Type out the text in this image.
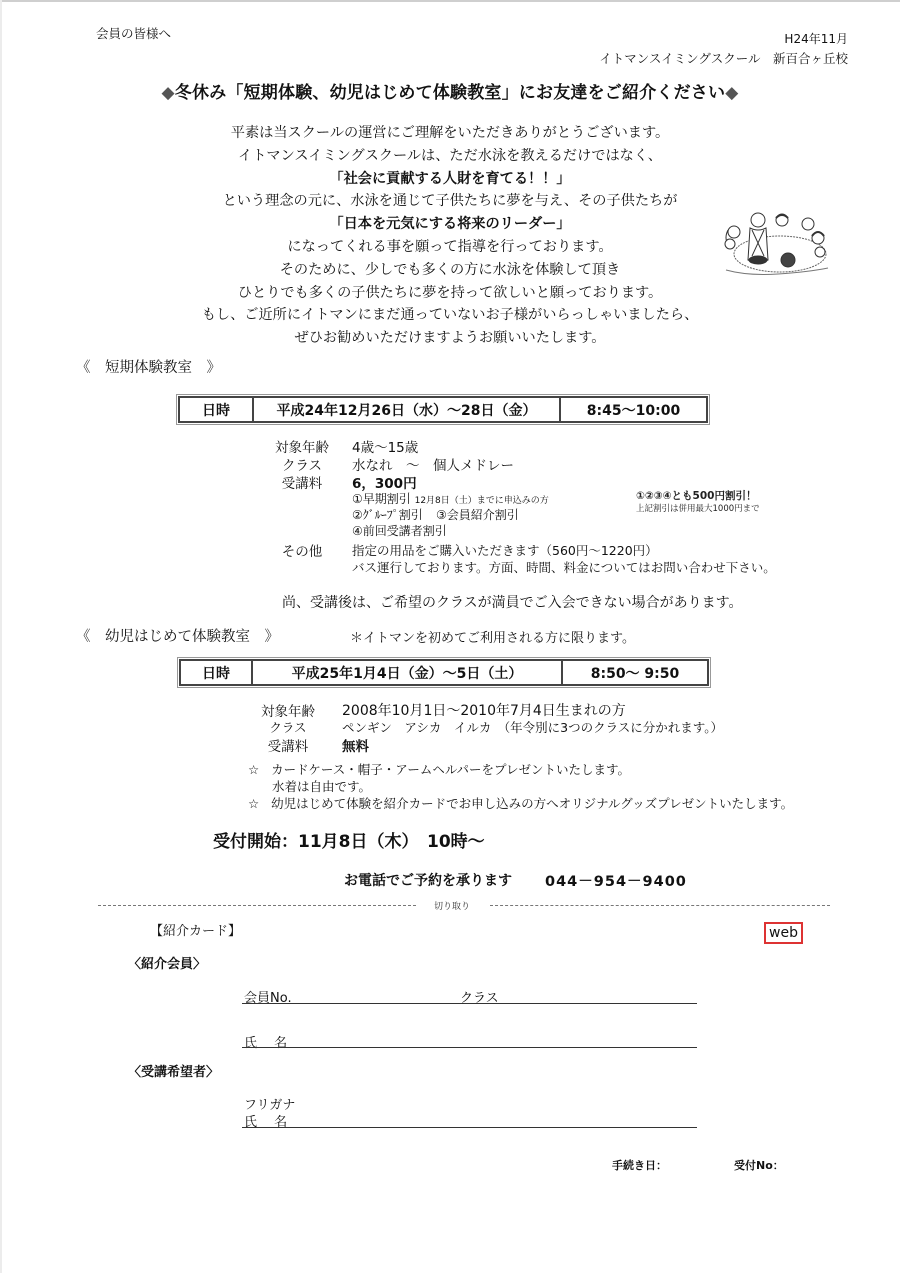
会員の皆様へ	H24年11月
イトマンスイミングスクール　新百合ヶ丘校
◆冬休み「短期体験、幼児はじめて体験教室」にお友達をご紹介ください◆
平素は当スクールの運営にご理解をいただきありがとうございます。
イトマンスイミングスクールは、ただ水泳を教えるだけではなく、
「社会に貢献する人財を育てる！！」
という理念の元に、水泳を通じて子供たちに夢を与え、その子供たちが
「日本を元気にする将来のリーダー」
になってくれる事を願って指導を行っております。
そのために、少しでも多くの方に水泳を体験して頂き
ひとりでも多くの子供たちに夢を持って欲しいと願っております。
もし、ご近所にイトマンにまだ通っていないお子様がいらっしゃいましたら、
ぜひお勧めいただけますようお願いいたします。
《　短期体験教室　》
日時	平成24年12月26日（水）～28日（金）	8:45～10:00
対象年齢	4歳～15歳
クラス	水なれ　～　個人メドレー
受講料	6，300円
①早期割引 12月8日（土）までに申込みの方
②ｸﾞﾙｰﾌﾟ割引 ③会員紹介割引
④前回受講者割引
①②③④とも500円割引！
上記割引は併用最大1000円まで
その他	指定の用品をご購入いただきます（560円～1220円）
バス運行しております。方面、時間、料金についてはお問い合わせ下さい。
尚、受講後は、ご希望のクラスが満員でご入会できない場合があります。
《　幼児はじめて体験教室　》	＊イトマンを初めてご利用される方に限ります。
日時	平成25年1月4日（金）～5日（土）	8:50～ 9:50
対象年齢	2008年10月1日～2010年7月4日生まれの方
クラス	ペンギン　アシカ　イルカ　（年令別に3つのクラスに分かれます。）
受講料	無料
☆ カードケース・帽子・アームヘルパーをプレゼントいたします。
水着は自由です。
☆ 幼児はじめて体験を紹介カードでお申し込みの方へオリジナルグッズプレゼントいたします。
受付開始：11月8日（木）　10時～
お電話でご予約を承ります 044－954－9400
切り取り
【紹介カード】	web
〈紹介会員〉
会員No.	クラス
氏　 名
〈受講希望者〉
フリガナ
氏　 名
手続き日：	受付No：
